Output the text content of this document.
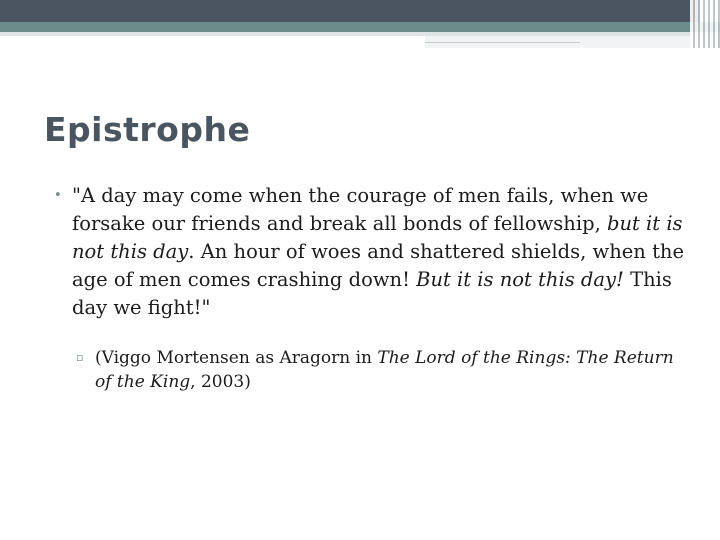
Epistrophe
• "A day may come when the courage of men fails, when we forsake our friends and break all bonds of fellowship, but it is not this day. An hour of woes and shattered shields, when the age of men comes crashing down! But it is not this day! This day we fight!"
▫ (Viggo Mortensen as Aragorn in The Lord of the Rings: The Return of the King, 2003)
